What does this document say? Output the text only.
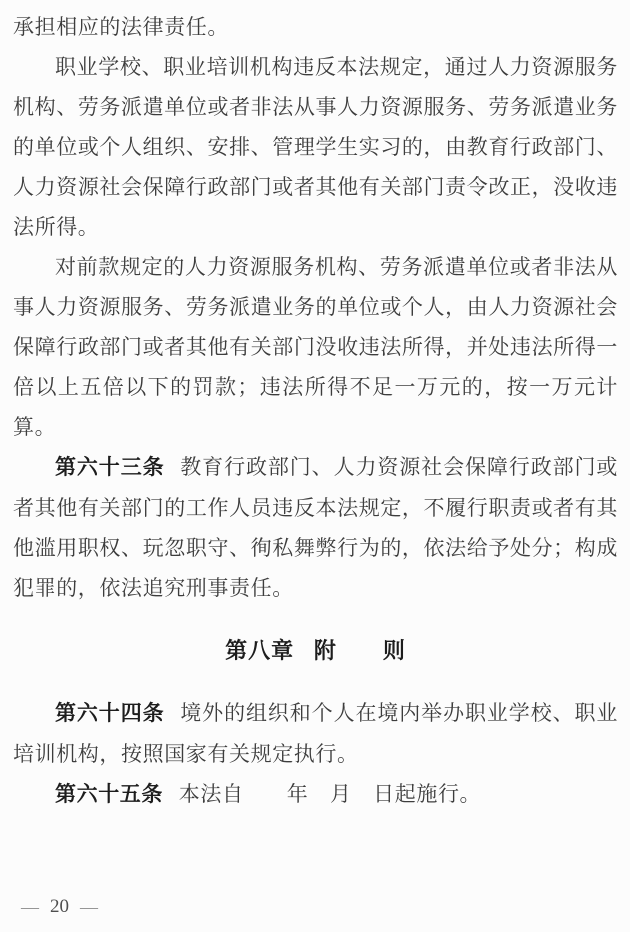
承担相应的法律责任。

职业学校、职业培训机构违反本法规定，通过人力资源服务机构、劳务派遣单位或者非法从事人力资源服务、劳务派遣业务的单位或个人组织、安排、管理学生实习的，由教育行政部门、人力资源社会保障行政部门或者其他有关部门责令改正，没收违法所得。

对前款规定的人力资源服务机构、劳务派遣单位或者非法从事人力资源服务、劳务派遣业务的单位或个人，由人力资源社会保障行政部门或者其他有关部门没收违法所得，并处违法所得一倍以上五倍以下的罚款；违法所得不足一万元的，按一万元计算。

第六十三条 教育行政部门、人力资源社会保障行政部门或者其他有关部门的工作人员违反本法规定，不履行职责或者有其他滥用职权、玩忽职守、徇私舞弊行为的，依法给予处分；构成犯罪的，依法追究刑事责任。

第八章 附　　则

第六十四条 境外的组织和个人在境内举办职业学校、职业培训机构，按照国家有关规定执行。

第六十五条 本法自　　年　月　日起施行。

— 20 —
